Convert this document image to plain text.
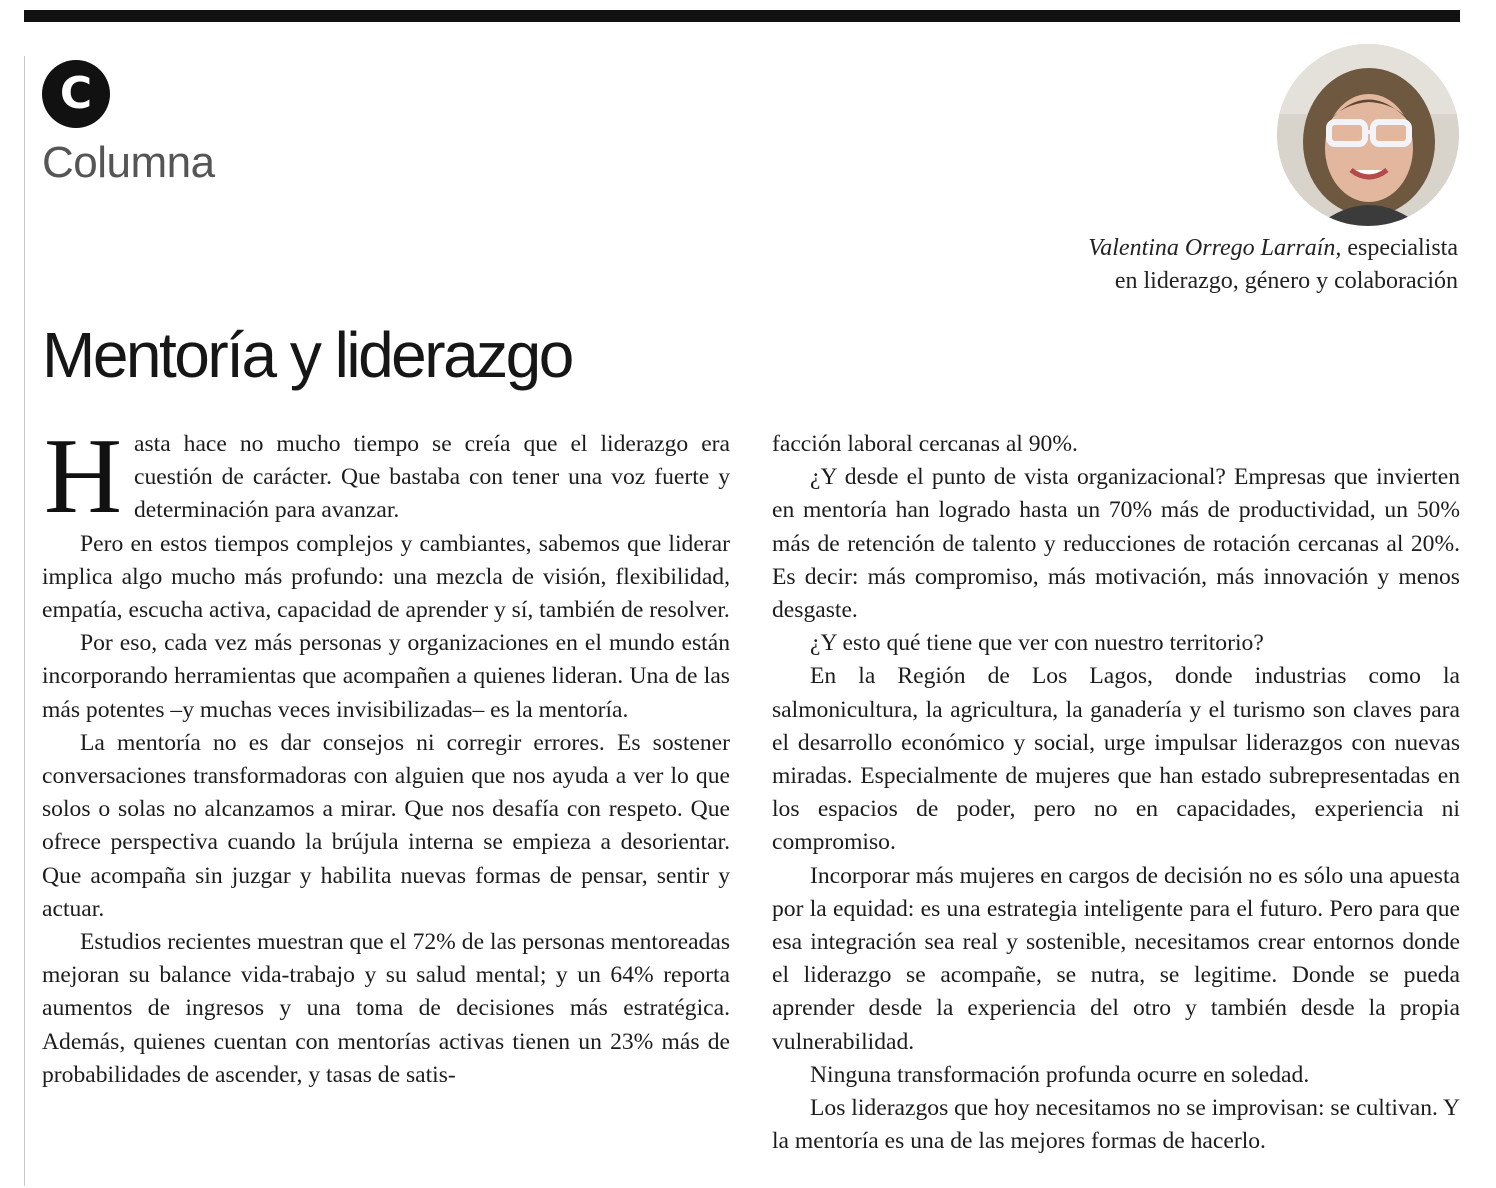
C
Columna
Valentina Orrego Larraín, especialista
en liderazgo, género y colaboración
Mentoría y liderazgo

Hasta hace no mucho tiempo se creía que el liderazgo era cuestión de carácter. Que bastaba con tener una voz fuerte y determinación para avanzar.

Pero en estos tiempos complejos y cambiantes, sabemos que liderar implica algo mucho más profundo: una mezcla de visión, flexibilidad, empatía, escucha activa, capacidad de aprender y sí, también de resolver.

Por eso, cada vez más personas y organizaciones en el mundo están incorporando herramientas que acompañen a quienes lideran. Una de las más potentes –y muchas veces invisibilizadas– es la mentoría.

La mentoría no es dar consejos ni corregir errores. Es sostener conversaciones transformadoras con alguien que nos ayuda a ver lo que solos o solas no alcanzamos a mirar. Que nos desafía con respeto. Que ofrece perspectiva cuando la brújula interna se empieza a desorientar. Que acompaña sin juzgar y habilita nuevas formas de pensar, sentir y actuar.

Estudios recientes muestran que el 72% de las personas mentoreadas mejoran su balance vida-trabajo y su salud mental; y un 64% reporta aumentos de ingresos y una toma de decisiones más estratégica. Además, quienes cuentan con mentorías activas tienen un 23% más de probabilidades de ascender, y tasas de satis-

facción laboral cercanas al 90%.

¿Y desde el punto de vista organizacional? Empresas que invierten en mentoría han logrado hasta un 70% más de productividad, un 50% más de retención de talento y reducciones de rotación cercanas al 20%. Es decir: más compromiso, más motivación, más innovación y menos desgaste.

¿Y esto qué tiene que ver con nuestro territorio?

En la Región de Los Lagos, donde industrias como la salmonicultura, la agricultura, la ganadería y el turismo son claves para el desarrollo económico y social, urge impulsar liderazgos con nuevas miradas. Especialmente de mujeres que han estado subrepresentadas en los espacios de poder, pero no en capacidades, experiencia ni compromiso.

Incorporar más mujeres en cargos de decisión no es sólo una apuesta por la equidad: es una estrategia inteligente para el futuro. Pero para que esa integración sea real y sostenible, necesitamos crear entornos donde el liderazgo se acompañe, se nutra, se legitime. Donde se pueda aprender desde la experiencia del otro y también desde la propia vulnerabilidad.

Ninguna transformación profunda ocurre en soledad.

Los liderazgos que hoy necesitamos no se improvisan: se cultivan. Y la mentoría es una de las mejores formas de hacerlo.
